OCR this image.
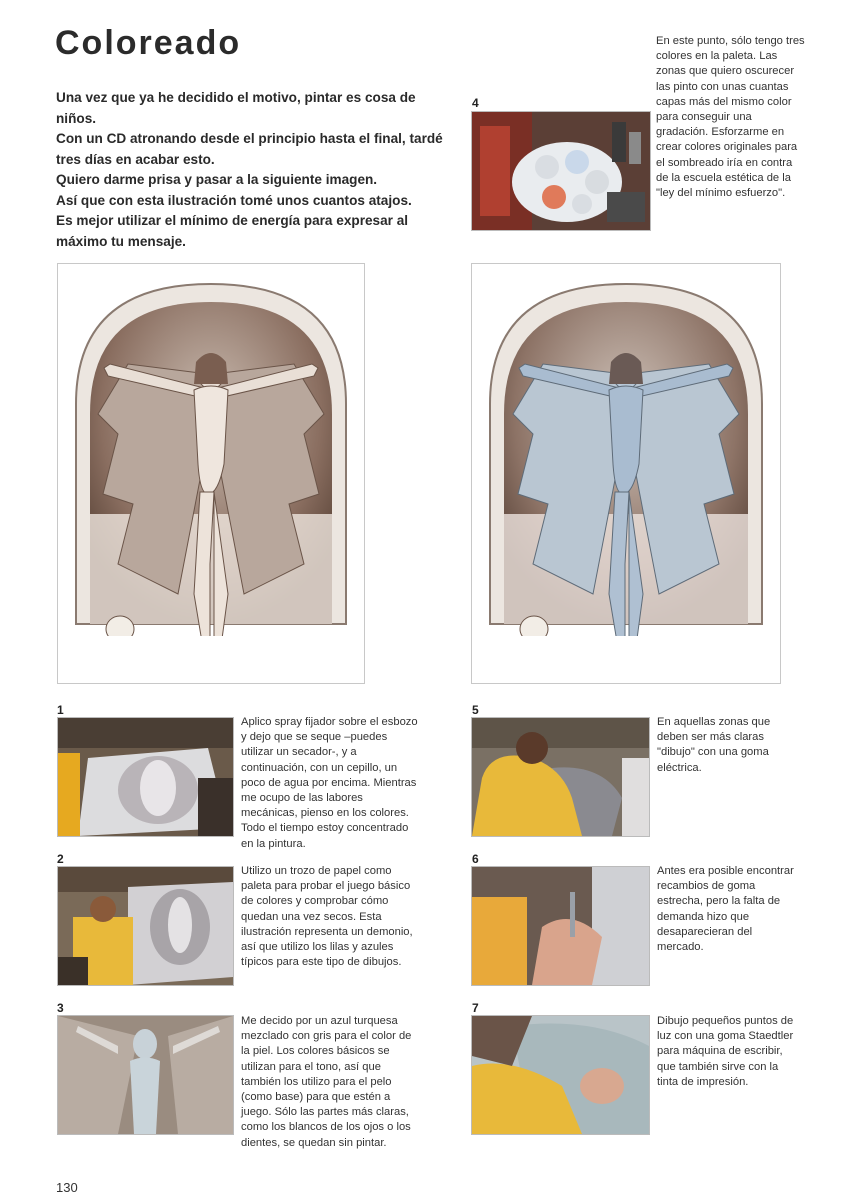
Coloreado

Una vez que ya he decidido el motivo, pintar es cosa de niños.

Con un CD atronando desde el principio hasta el final, tardé tres días en acabar esto.

Quiero darme prisa y pasar a la siguiente imagen.

Así que con esta ilustración tomé unos cuantos atajos.

Es mejor utilizar el mínimo de energía para expresar al máximo tu mensaje.

4
En este punto, sólo tengo tres colores en la paleta. Las zonas que quiero oscurecer las pinto con unas cuantas capas más del mismo color para conseguir una gradación. Esforzarme en crear colores originales para el sombreado iría en contra de la escuela estética de la "ley del mínimo esfuerzo".
1
Aplico spray fijador sobre el esbozo y dejo que se seque –puedes utilizar un secador-, y a continuación, con un cepillo, un poco de agua por encima. Mientras me ocupo de las labores mecánicas, pienso en los colores. Todo el tiempo estoy concentrado en la pintura.
2
Utilizo un trozo de papel como paleta para probar el juego básico de colores y comprobar cómo quedan una vez secos. Esta ilustración representa un demonio, así que utilizo los lilas y azules típicos para este tipo de dibujos.
3
Me decido por un azul turquesa mezclado con gris para el color de la piel. Los colores básicos se utilizan para el tono, así que también los utilizo para el pelo (como base) para que estén a juego. Sólo las partes más claras, como los blancos de los ojos o los dientes, se quedan sin pintar.
5
En aquellas zonas que deben ser más claras "dibujo" con una goma eléctrica.
6
Antes era posible encontrar recambios de goma estrecha, pero la falta de demanda hizo que desaparecieran del mercado.
7
Dibujo pequeños puntos de luz con una goma Staedtler para máquina de escribir, que también sirve con la tinta de impresión.
130
